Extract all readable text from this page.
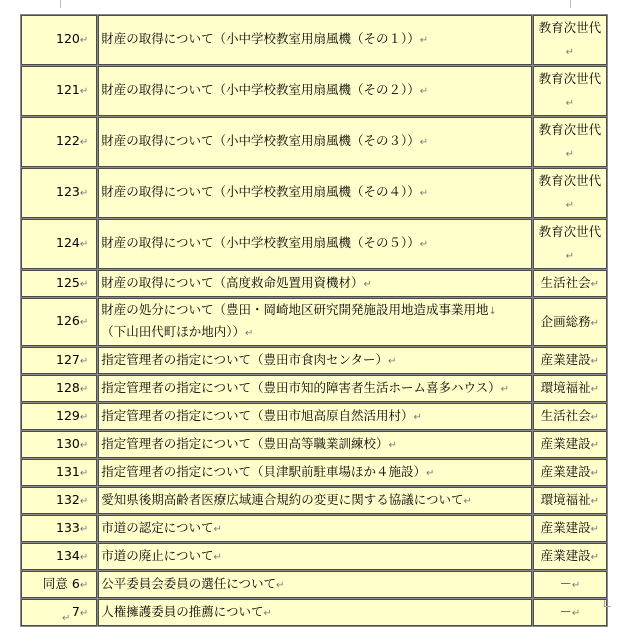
120↵	財産の取得について（小中学校教室用扇風機（その１））↵	教育次世代↵
121↵	財産の取得について（小中学校教室用扇風機（その２））↵	教育次世代↵
122↵	財産の取得について（小中学校教室用扇風機（その３））↵	教育次世代↵
123↵	財産の取得について（小中学校教室用扇風機（その４））↵	教育次世代↵
124↵	財産の取得について（小中学校教室用扇風機（その５））↵	教育次世代↵
125↵	財産の取得について（高度救命処置用資機材）↵	生活社会↵
126↵	財産の処分について（豊田・岡崎地区研究開発施設用地造成事業用地↓
（下山田代町ほか地内））↵	企画総務↵
127↵	指定管理者の指定について（豊田市食肉センター）↵	産業建設↵
128↵	指定管理者の指定について（豊田市知的障害者生活ホーム喜多ハウス）↵	環境福祉↵
129↵	指定管理者の指定について（豊田市旭高原自然活用村）↵	生活社会↵
130↵	指定管理者の指定について（豊田高等職業訓練校）↵	産業建設↵
131↵	指定管理者の指定について（貝津駅前駐車場ほか４施設）↵	産業建設↵
132↵	愛知県後期高齢者医療広域連合規約の変更に関する協議について↵	環境福祉↵
133↵	市道の認定について↵	産業建設↵
134↵	市道の廃止について↵	産業建設↵
同意 6↵	公平委員会委員の選任について↵	－↵
7↵	人権擁護委員の推薦について↵	－↵
↵
